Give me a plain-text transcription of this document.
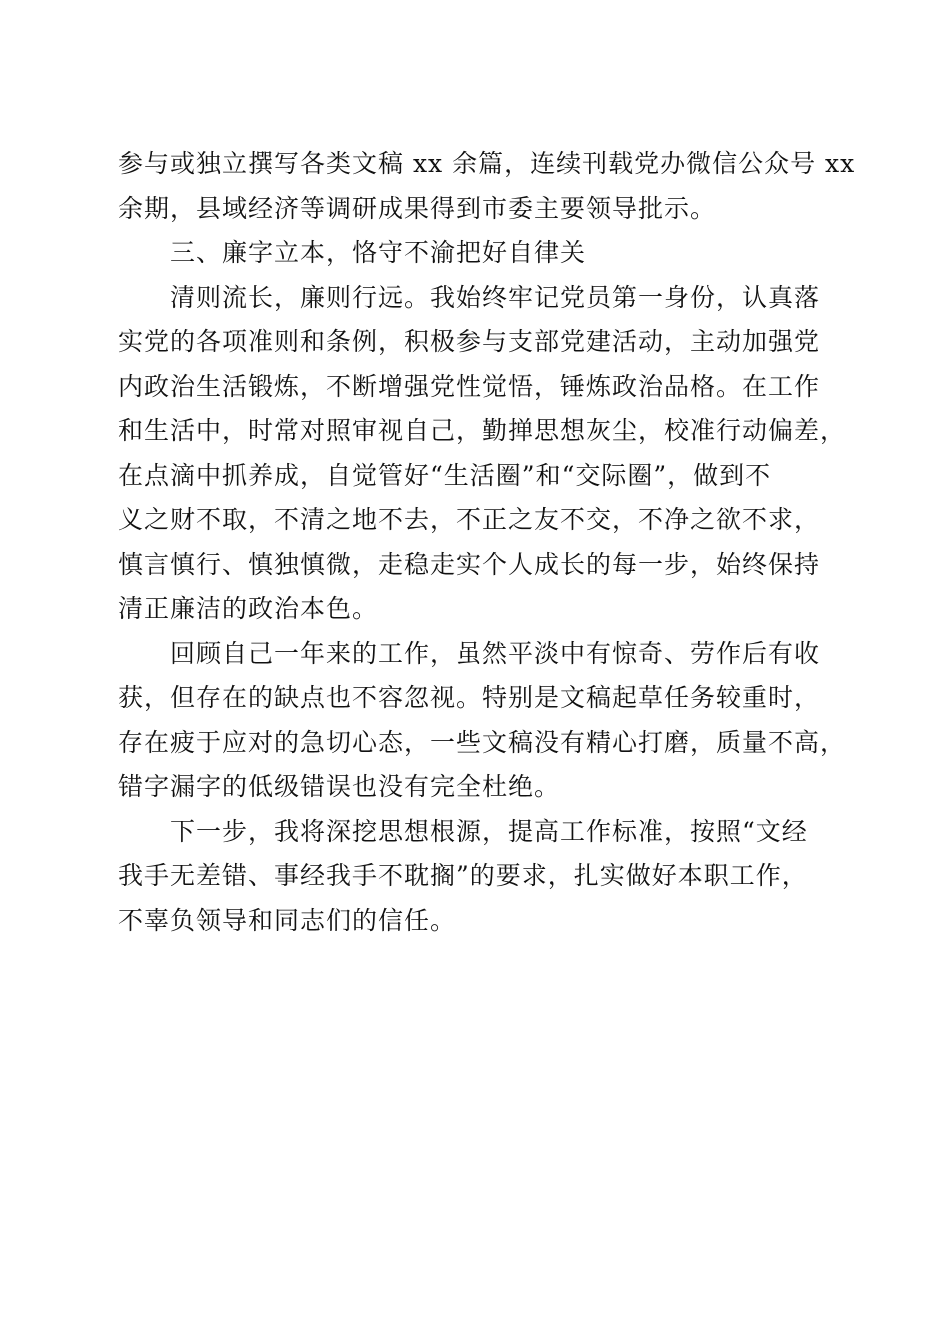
参与或独立撰写各类文稿 xx 余篇，连续刊载党办微信公众号 xx
余期，县域经济等调研成果得到市委主要领导批示。
三、廉字立本，恪守不渝把好自律关
清则流长，廉则行远。我始终牢记党员第一身份，认真落
实党的各项准则和条例，积极参与支部党建活动，主动加强党
内政治生活锻炼，不断增强党性觉悟，锤炼政治品格。在工作
和生活中，时常对照审视自己，勤掸思想灰尘，校准行动偏差，
在点滴中抓养成，自觉管好“生活圈”和“交际圈”，做到不
义之财不取，不清之地不去，不正之友不交，不净之欲不求，
慎言慎行、慎独慎微，走稳走实个人成长的每一步，始终保持
清正廉洁的政治本色。
回顾自己一年来的工作，虽然平淡中有惊奇、劳作后有收
获，但存在的缺点也不容忽视。特别是文稿起草任务较重时，
存在疲于应对的急切心态，一些文稿没有精心打磨，质量不高，
错字漏字的低级错误也没有完全杜绝。
下一步，我将深挖思想根源，提高工作标准，按照“文经
我手无差错、事经我手不耽搁”的要求，扎实做好本职工作，
不辜负领导和同志们的信任。
